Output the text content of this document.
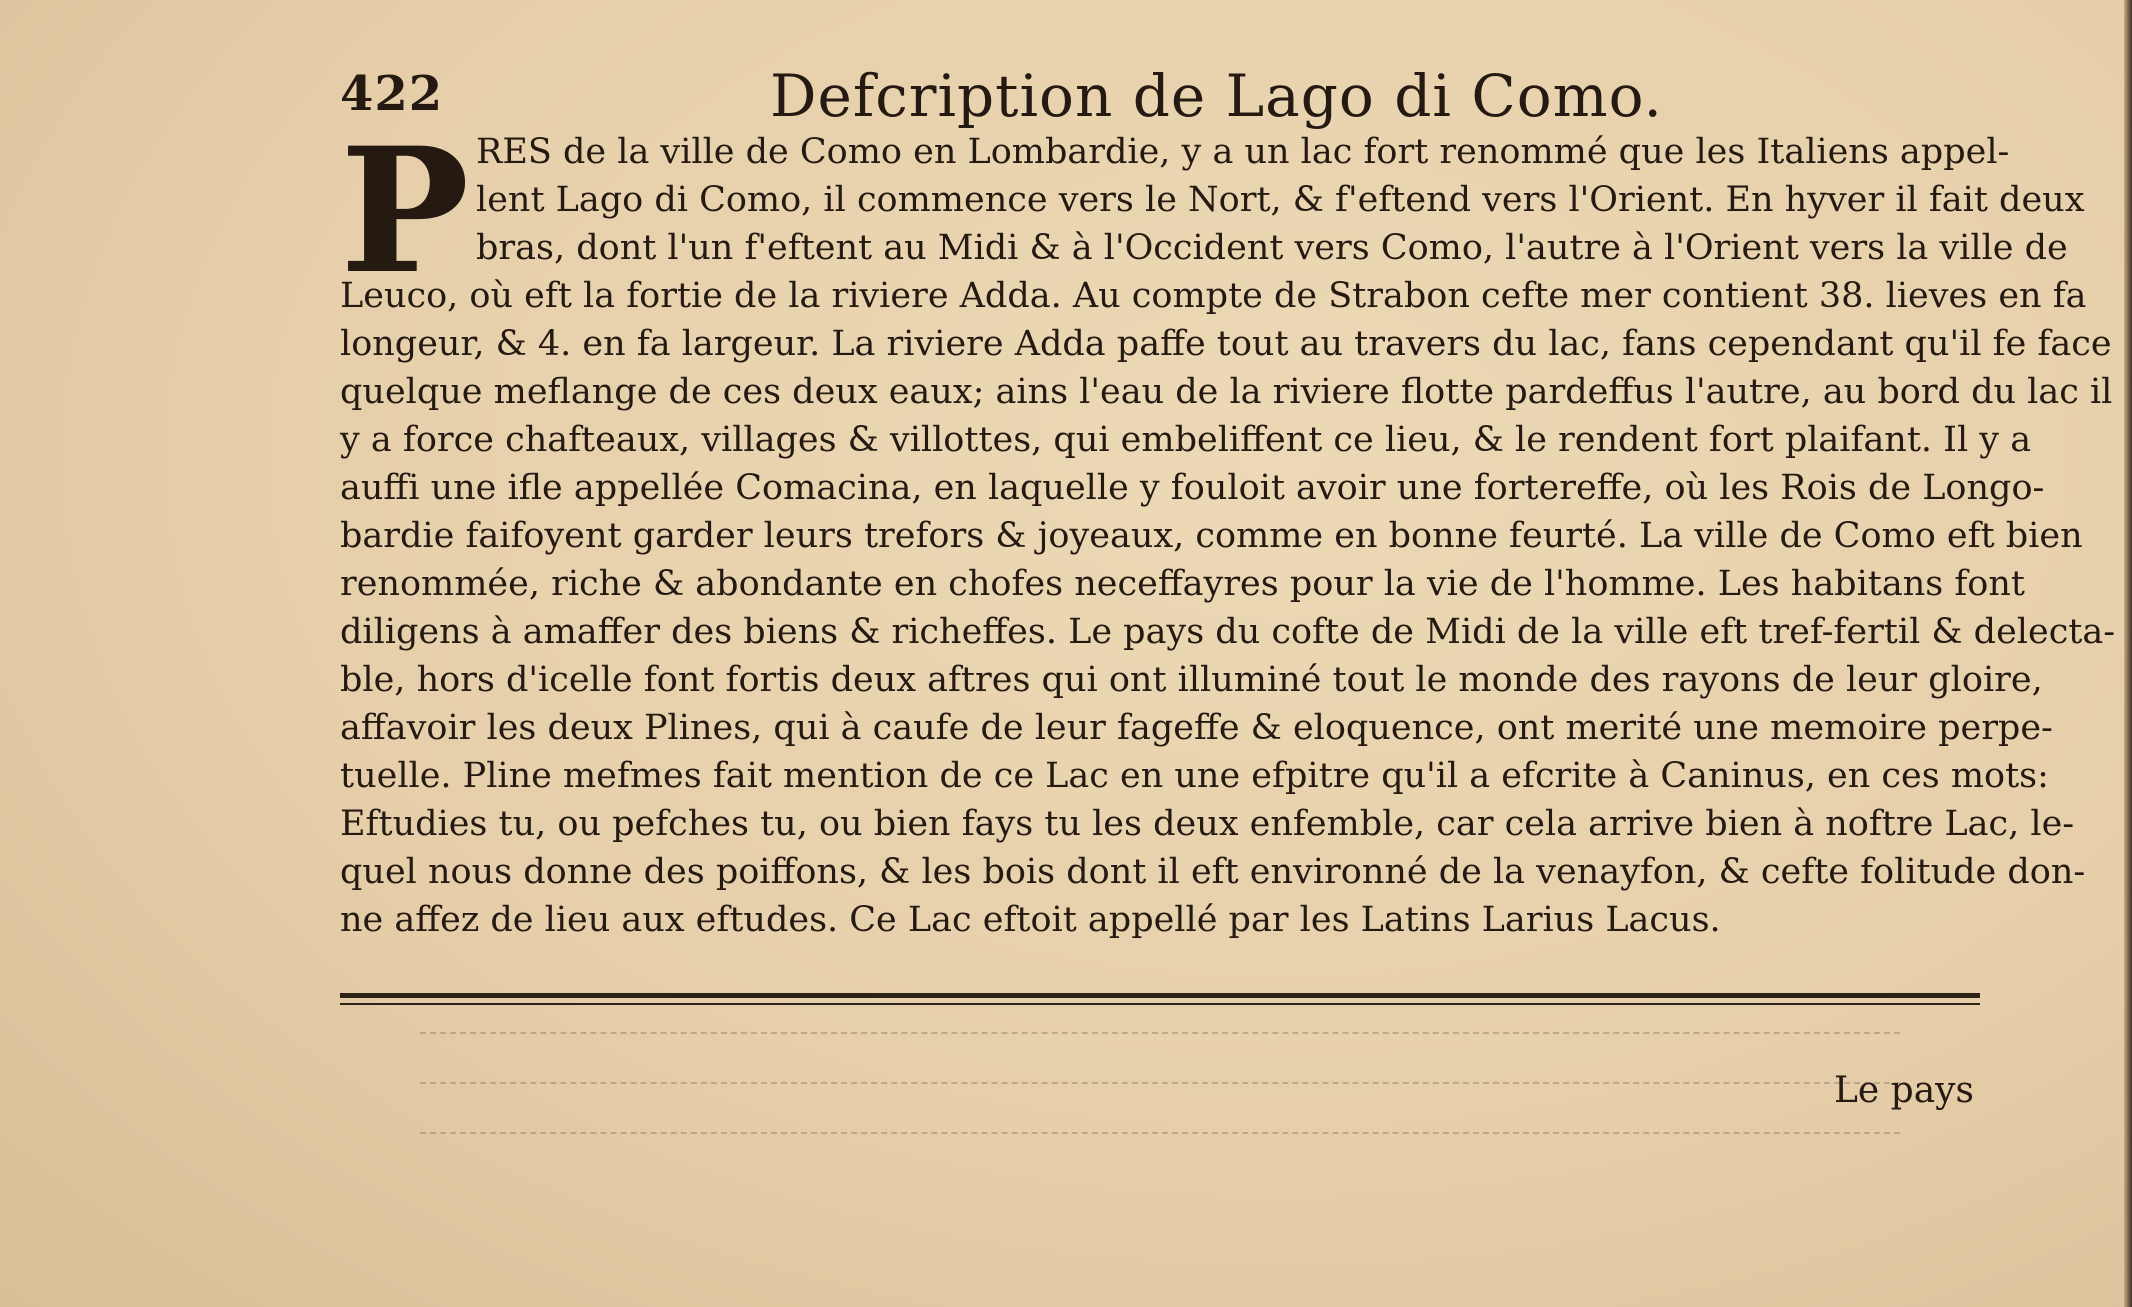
422	Defcription de Lago di Como.
P RES de la ville de Como en Lombardie, y a un lac fort renommé que les Italiens appel-
lent Lago di Como, il commence vers le Nort, & f'eftend vers l'Orient. En hyver il fait deux
bras, dont l'un f'eftent au Midi & à l'Occident vers Como, l'autre à l'Orient vers la ville de
Leuco, où eft la fortie de la riviere Adda. Au compte de Strabon cefte mer contient 38. lieves en fa
longeur, & 4. en fa largeur. La riviere Adda paffe tout au travers du lac, fans cependant qu'il fe face
quelque meflange de ces deux eaux; ains l'eau de la riviere flotte pardeffus l'autre, au bord du lac il
y a force chafteaux, villages & villottes, qui embeliffent ce lieu, & le rendent fort plaifant. Il y a
auffi une ifle appellée Comacina, en laquelle y fouloit avoir une fortereffe, où les Rois de Longo-
bardie faifoyent garder leurs trefors & joyeaux, comme en bonne feurté. La ville de Como eft bien
renommée, riche & abondante en chofes neceffayres pour la vie de l'homme. Les habitans font
diligens à amaffer des biens & richeffes. Le pays du cofte de Midi de la ville eft tref-fertil & delecta-
ble, hors d'icelle font fortis deux aftres qui ont illuminé tout le monde des rayons de leur gloire,
affavoir les deux Plines, qui à caufe de leur fageffe & eloquence, ont merité une memoire perpe-
tuelle. Pline mefmes fait mention de ce Lac en une efpitre qu'il a efcrite à Caninus, en ces mots:
Eftudies tu, ou pefches tu, ou bien fays tu les deux enfemble, car cela arrive bien à noftre Lac, le-
quel nous donne des poiffons, & les bois dont il eft environné de la venayfon, & cefte folitude don-
ne affez de lieu aux eftudes. Ce Lac eftoit appellé par les Latins Larius Lacus.
Le pays
